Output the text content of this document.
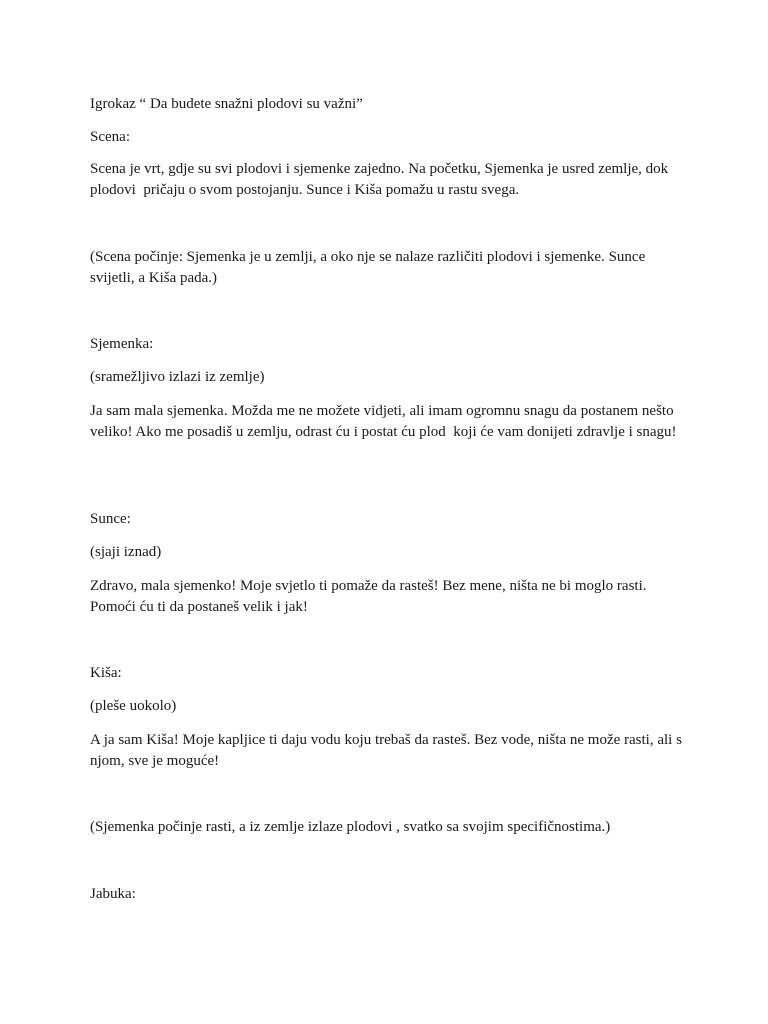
Igrokaz “ Da budete snažni plodovi su važni”

Scena:

Scena je vrt, gdje su svi plodovi i sjemenke zajedno. Na početku, Sjemenka je usred zemlje, dok plodovi  pričaju o svom postojanju. Sunce i Kiša pomažu u rastu svega.

(Scena počinje: Sjemenka je u zemlji, a oko nje se nalaze različiti plodovi i sjemenke. Sunce svijetli, a Kiša pada.)

Sjemenka:

(sramežljivo izlazi iz zemlje)

Ja sam mala sjemenka. Možda me ne možete vidjeti, ali imam ogromnu snagu da postanem nešto veliko! Ako me posadiš u zemlju, odrast ću i postat ću plod  koji će vam donijeti zdravlje i snagu!

Sunce:

(sjaji iznad)

Zdravo, mala sjemenko! Moje svjetlo ti pomaže da rasteš! Bez mene, ništa ne bi moglo rasti. Pomoći ću ti da postaneš velik i jak!

Kiša:

(pleše uokolo)

A ja sam Kiša! Moje kapljice ti daju vodu koju trebaš da rasteš. Bez vode, ništa ne može rasti, ali s njom, sve je moguće!

(Sjemenka počinje rasti, a iz zemlje izlaze plodovi , svatko sa svojim specifičnostima.)

Jabuka:
